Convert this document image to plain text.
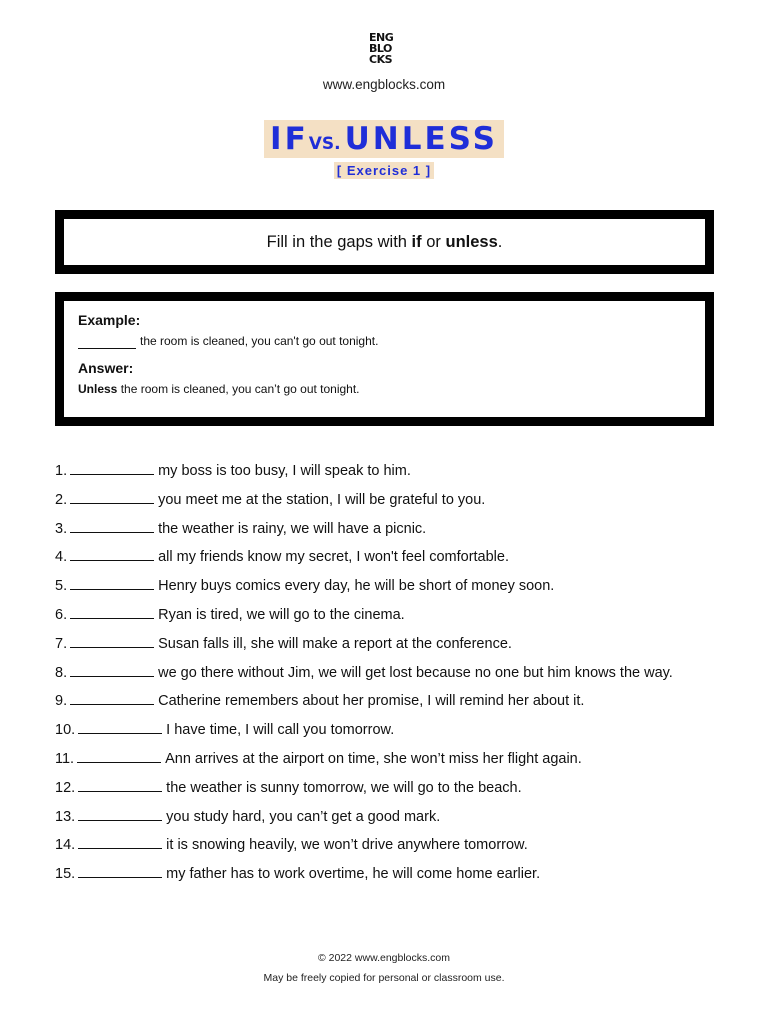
ENG
BLO
CKS
www.engblocks.com
IFVS. UNLESS
[ Exercise 1 ]

Fill in the gaps with if or unless.

Example:

the room is cleaned, you can't go out tonight.

Answer:

Unless the room is cleaned, you can’t go out tonight.

1.	my boss is too busy, I will speak to him.
2.	you meet me at the station, I will be grateful to you.
3.	the weather is rainy, we will have a picnic.
4.	all my friends know my secret, I won't feel comfortable.
5.	Henry buys comics every day, he will be short of money soon.
6.	Ryan is tired, we will go to the cinema.
7.	Susan falls ill, she will make a report at the conference.
8.	we go there without Jim, we will get lost because no one but him knows the way.
9.	Catherine remembers about her promise, I will remind her about it.
10.	I have time, I will call you tomorrow.
11.	Ann arrives at the airport on time, she won’t miss her flight again.
12.	the weather is sunny tomorrow, we will go to the beach.
13.	you study hard, you can’t get a good mark.
14.	it is snowing heavily, we won’t drive anywhere tomorrow.
15.	my father has to work overtime, he will come home earlier.
© 2022 www.engblocks.com
May be freely copied for personal or classroom use.
